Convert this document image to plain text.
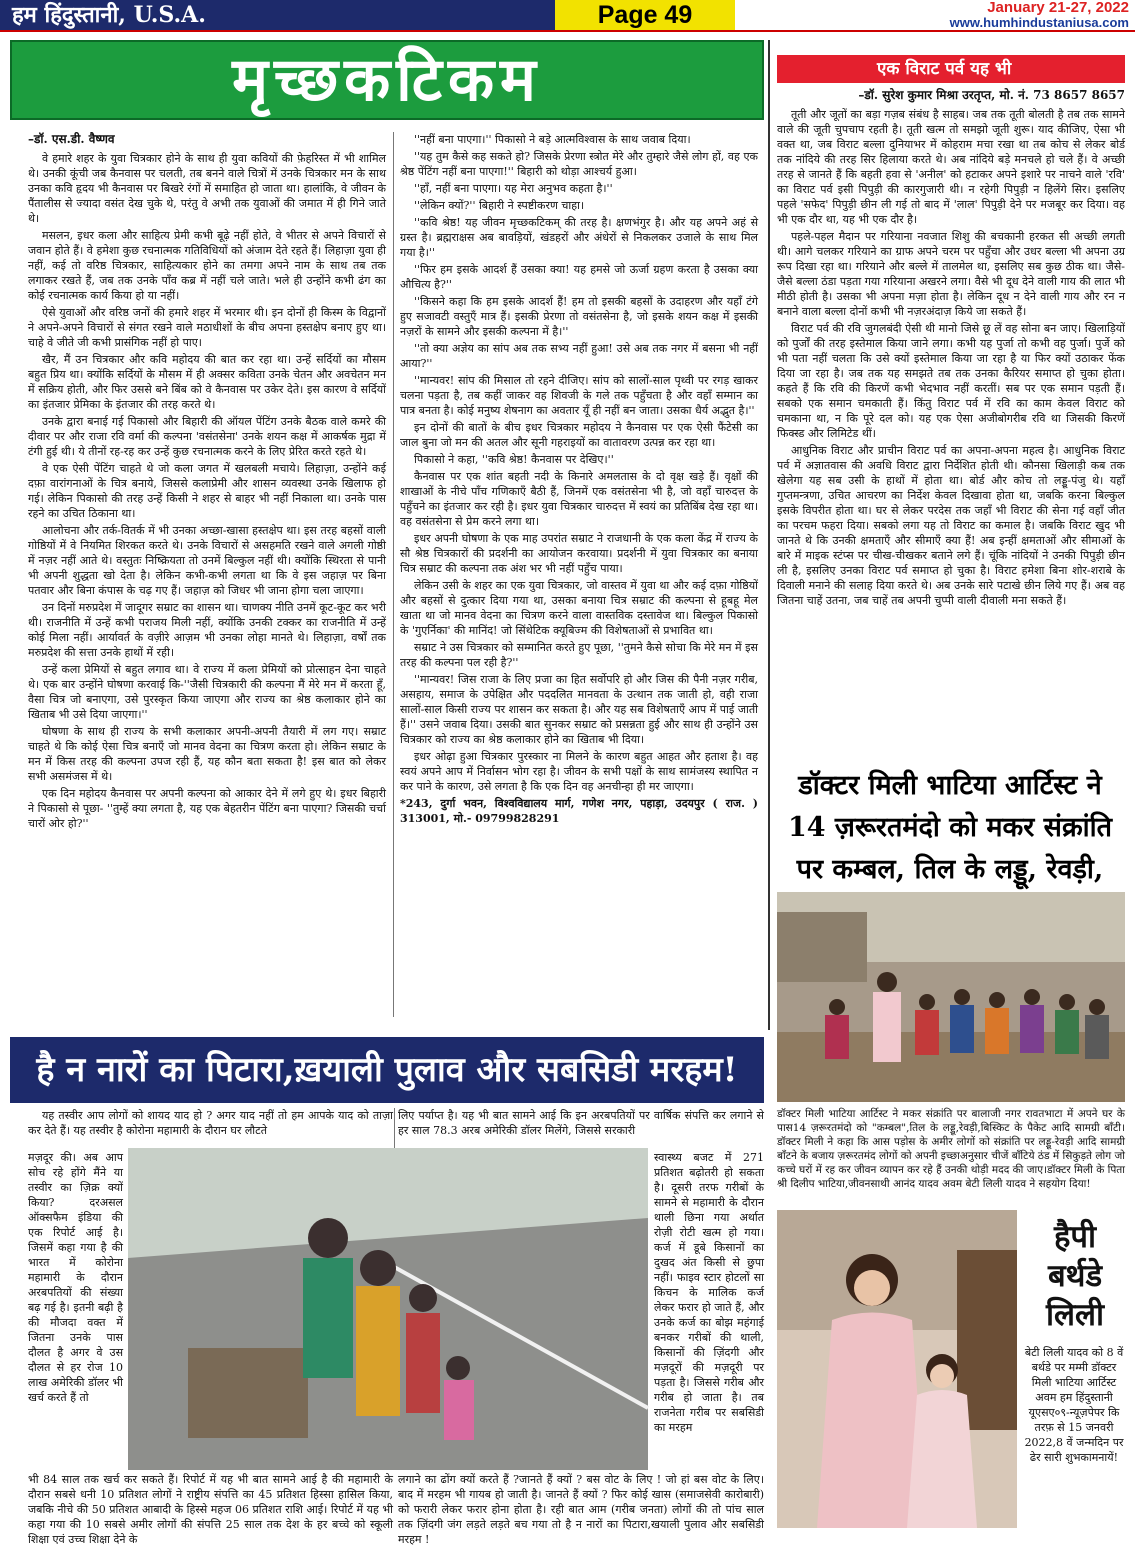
हम हिंदुस्तानी, U.S.A.	Page 49	January 21-27, 2022
www.humhindustaniusa.com
मृच्छकटिकम
–डॉ. एस.डी. वैष्णव

वे हमारे शहर के युवा चित्रकार होने के साथ ही युवा कवियों की फ़ेहरिस्त में भी शामिल थे। उनकी कूंची जब कैनवास पर चलती, तब बनने वाले चित्रों में उनके चित्रकार मन के साथ उनका कवि हृदय भी कैनवास पर बिखरे रंगों में समाहित हो जाता था। हालांकि, वे जीवन के पैंतालीस से ज्यादा वसंत देख चुके थे, परंतु वे अभी तक युवाओं की जमात में ही गिने जाते थे।

मसलन, इधर कला और साहित्य प्रेमी कभी बूढ़े नहीं होते, वे भीतर से अपने विचारों से जवान होते हैं। वे हमेशा कुछ रचनात्मक गतिविधियों को अंजाम देते रहते हैं। लिहाज़ा युवा ही नहीं, कई तो वरिष्ठ चित्रकार, साहित्यकार होने का तमगा अपने नाम के साथ तब तक लगाकर रखते हैं, जब तक उनके पाँव कब्र में नहीं चले जाते। भले ही उन्होंने कभी ढंग का कोई रचनात्मक कार्य किया हो या नहीं।

ऐसे युवाओं और वरिष्ठ जनों की हमारे शहर में भरमार थी। इन दोनों ही किस्म के विद्वानों ने अपने-अपने विचारों से संगत रखने वाले मठाधीशों के बीच अपना हस्तक्षेप बनाए हुए था। चाहे वे जीते जी कभी प्रासंगिक नहीं हो पाए।

खैर, मैं उन चित्रकार और कवि महोदय की बात कर रहा था। उन्हें सर्दियों का मौसम बहुत प्रिय था। क्योंकि सर्दियों के मौसम में ही अक्सर कविता उनके चेतन और अवचेतन मन में सक्रिय होती, और फिर उससे बने बिंब को वे कैनवास पर उकेर देते। इस कारण वे सर्दियों का इंतजार प्रेमिका के इंतजार की तरह करते थे।

उनके द्वारा बनाई गई पिकासो और बिहारी की ऑयल पेंटिंग उनके बैठक वाले कमरे की दीवार पर और राजा रवि वर्मा की कल्पना 'वसंतसेना' उनके शयन कक्ष में आकर्षक मुद्रा में टंगी हुई थी। ये तीनों रह-रह कर उन्हें कुछ रचनात्मक करने के लिए प्रेरित करते रहते थे।

वे एक ऐसी पेंटिंग चाहते थे जो कला जगत में खलबली मचाये। लिहाज़ा, उन्होंने कई दफ़ा वारांगनाओं के चित्र बनाये, जिससे कलाप्रेमी और शासन व्यवस्था उनके खिलाफ हो गई। लेकिन पिकासो की तरह उन्हें किसी ने शहर से बाहर भी नहीं निकाला था। उनके पास रहने का उचित ठिकाना था।

आलोचना और तर्क-वितर्क में भी उनका अच्छा-खासा हस्तक्षेप था। इस तरह बहसों वाली गोष्ठियों में वे नियमित शिरकत करते थे। उनके विचारों से असहमति रखने वाले अगली गोष्ठी में नज़र नहीं आते थे। वस्तुतः निष्क्रियता तो उनमें बिल्कुल नहीं थी। क्योंकि स्थिरता से पानी भी अपनी शुद्धता खो देता है। लेकिन कभी-कभी लगता था कि वे इस जहाज़ पर बिना पतवार और बिना कंपास के चढ़ गए हैं। जहाज़ को जिधर भी जाना होगा चला जाएगा।

उन दिनों मरुप्रदेश में जादूगर सम्राट का शासन था। चाणक्य नीति उनमें कूट-कूट कर भरी थी। राजनीति में उन्हें कभी पराजय मिली नहीं, क्योंकि उनकी टक्कर का राजनीति में उन्हें कोई मिला नहीं। आर्यावर्त के वज़ीरे आज़म भी उनका लोहा मानते थे। लिहाज़ा, वर्षों तक मरुप्रदेश की सत्ता उनके हाथों में रही।

उन्हें कला प्रेमियों से बहुत लगाव था। वे राज्य में कला प्रेमियों को प्रोत्साहन देना चाहते थे। एक बार उन्होंने घोषणा करवाई कि-''जैसी चित्रकारी की कल्पना मैं मेरे मन में करता हूँ, वैसा चित्र जो बनाएगा, उसे पुरस्कृत किया जाएगा और राज्य का श्रेष्ठ कलाकार होने का खिताब भी उसे दिया जाएगा।''

घोषणा के साथ ही राज्य के सभी कलाकार अपनी-अपनी तैयारी में लग गए। सम्राट चाहते थे कि कोई ऐसा चित्र बनाएँ जो मानव वेदना का चित्रण करता हो। लेकिन सम्राट के मन में किस तरह की कल्पना उपज रही हैं, यह कौन बता सकता है! इस बात को लेकर सभी असमंजस में थे।

एक दिन महोदय कैनवास पर अपनी कल्पना को आकार देने में लगे हुए थे। इधर बिहारी ने पिकासो से पूछा- ''तुम्हें क्या लगता है, यह एक बेहतरीन पेंटिंग बना पाएगा? जिसकी चर्चा चारों ओर हो?''

''नहीं बना पाएगा।'' पिकासो ने बड़े आत्मविश्वास के साथ जवाब दिया।

''यह तुम कैसे कह सकते हो? जिसके प्रेरणा स्त्रोत मेरे और तुम्हारे जैसे लोग हों, वह एक श्रेष्ठ पेंटिंग नहीं बना पाएगा!'' बिहारी को थोड़ा आश्चर्य हुआ।

''हाँ, नहीं बना पाएगा। यह मेरा अनुभव कहता है।''

''लेकिन क्यों?'' बिहारी ने स्पष्टीकरण चाहा।

''कवि श्रेष्ठ! यह जीवन मृच्छकटिकम् की तरह है। क्षणभंगुर है। और यह अपने अहं से ग्रस्त है। ब्रह्मराक्षस अब बावड़ियों, खंडहरों और अंधेरों से निकलकर उजाले के साथ मिल गया है।''

''फिर हम इसके आदर्श हैं उसका क्या! यह हमसे जो ऊर्जा ग्रहण करता है उसका क्या औचित्य है?''

''किसने कहा कि हम इसके आदर्श हैं! हम तो इसकी बहसों के उदाहरण और यहाँ टंगे हुए सजावटी वस्तुएँ मात्र हैं। इसकी प्रेरणा तो वसंतसेना है, जो इसके शयन कक्ष में इसकी नज़रों के सामने और इसकी कल्पना में है।''

''तो क्या अज्ञेय का सांप अब तक सभ्य नहीं हुआ! उसे अब तक नगर में बसना भी नहीं आया?''

''मान्यवर! सांप की मिसाल तो रहने दीजिए। सांप को सालों-साल पृथ्वी पर रगड़ खाकर चलना पड़ता है, तब कहीं जाकर वह शिवजी के गले तक पहुँचता है और वहाँ सम्मान का पात्र बनता है। कोई मनुष्य शेषनाग का अवतार यूँ ही नहीं बन जाता। उसका धैर्य अद्भुत है।''

इन दोनों की बातों के बीच इधर चित्रकार महोदय ने कैनवास पर एक ऐसी फैंटेसी का जाल बुना जो मन की अतल और सूनी गहराइयों का वातावरण उत्पन्न कर रहा था।

पिकासो ने कहा, ''कवि श्रेष्ठ! कैनवास पर देखिए।''

कैनवास पर एक शांत बहती नदी के किनारे अमलतास के दो वृक्ष खड़े हैं। वृक्षों की शाखाओं के नीचे पाँच गणिकाएँ बैठी हैं, जिनमें एक वसंतसेना भी है, जो वहाँ चारुदत्त के पहुँचने का इंतजार कर रही है। इधर युवा चित्रकार चारुदत्त में स्वयं का प्रतिबिंब देख रहा था। वह वसंतसेना से प्रेम करने लगा था।

इधर अपनी घोषणा के एक माह उपरांत सम्राट ने राजधानी के एक कला केंद्र में राज्य के सौ श्रेष्ठ चित्रकारों की प्रदर्शनी का आयोजन करवाया। प्रदर्शनी में युवा चित्रकार का बनाया चित्र सम्राट की कल्पना तक अंश भर भी नहीं पहुँच पाया।

लेकिन उसी के शहर का एक युवा चित्रकार, जो वास्तव में युवा था और कई दफ़ा गोष्ठियों और बहसों से दुत्कार दिया गया था, उसका बनाया चित्र सम्राट की कल्पना से हूबहू मेल खाता था जो मानव वेदना का चित्रण करने वाला वास्तविक दस्तावेज था। बिल्कुल पिकासो के 'गुएर्निका' की मानिंद! जो सिंथेटिक क्यूबिज्म की विशेषताओं से प्रभावित था।

सम्राट ने उस चित्रकार को सम्मानित करते हुए पूछा, ''तुमने कैसे सोचा कि मेरे मन में इस तरह की कल्पना पल रही है?''

''मान्यवर! जिस राजा के लिए प्रजा का हित सर्वोपरि हो और जिस की पैनी नज़र गरीब, असहाय, समाज के उपेक्षित और पददलित मानवता के उत्थान तक जाती हो, वही राजा सालों-साल किसी राज्य पर शासन कर सकता है। और यह सब विशेषताएँ आप में पाई जाती हैं।'' उसने जवाब दिया। उसकी बात सुनकर सम्राट को प्रसन्नता हुई और साथ ही उन्होंने उस चित्रकार को राज्य का श्रेष्ठ कलाकार होने का खिताब भी दिया।

इधर ओढ़ा हुआ चित्रकार पुरस्कार ना मिलने के कारण बहुत आहत और हताश है। वह स्वयं अपने आप में निर्वासन भोग रहा है। जीवन के सभी पक्षों के साथ सामंजस्य स्थापित न कर पाने के कारण, उसे लगता है कि एक दिन वह अनचीन्हा ही मर जाएगा।

*243, दुर्गा भवन, विश्वविद्यालय मार्ग, गणेश नगर, पहाड़ा, उदयपुर ( राज. ) 313001, मो.- 09799828291

एक विराट पर्व यह भी
–डॉ. सुरेश कुमार मिश्रा उरतृप्त, मो. नं. 73 8657 8657

तूती और जूतों का बड़ा गज़ब संबंध है साहब। जब तक तूती बोलती है तब तक सामने वाले की जूती चुपचाप रहती है। तूती खत्म तो समझो जूती शुरू। याद कीजिए, ऐसा भी वक्त था, जब विराट बल्ला दुनियाभर में कोहराम मचा रखा था तब कोच से लेकर बोर्ड तक नांदिये की तरह सिर हिलाया करते थे। अब नांदिये बड़े मनचले हो चले हैं। वे अच्छी तरह से जानते हैं कि बहती हवा से 'अनील' को हटाकर अपने इशारे पर नाचने वाले 'रवि' का विराट पर्व इसी पिपुड़ी की कारगुजारी थी। न रहेगी पिपुड़ी न हिलेंगे सिर। इसलिए पहले 'सफेद' पिपुड़ी छीन ली गई तो बाद में 'लाल' पिपुड़ी देने पर मजबूर कर दिया। वह भी एक दौर था, यह भी एक दौर है।

पहले-पहल मैदान पर गरियाना नवजात शिशु की बचकानी हरकत सी अच्छी लगती थी। आगे चलकर गरियाने का ग्राफ अपने चरम पर पहुँचा और उधर बल्ला भी अपना उग्र रूप दिखा रहा था। गरियाने और बल्ले में तालमेल था, इसलिए सब कुछ ठीक था। जैसे-जैसे बल्ला ठंडा पड़ता गया गरियाना अखरने लगा। वैसे भी दूध देने वाली गाय की लात भी मीठी होती है। उसका भी अपना मज़ा होता है। लेकिन दूध न देने वाली गाय और रन न बनाने वाला बल्ला दोनों कभी भी नज़रअंदाज़ किये जा सकते हैं।

विराट पर्व की रवि जुगलबंदी ऐसी थी मानो जिसे छू लें वह सोना बन जाए। खिलाड़ियों को पुर्जों की तरह इस्तेमाल किया जाने लगा। कभी यह पुर्जा तो कभी वह पुर्जा। पुर्जे को भी पता नहीं चलता कि उसे क्यों इस्तेमाल किया जा रहा है या फिर क्यों उठाकर फेंक दिया जा रहा है। जब तक यह समझते तब तक उनका कैरियर समाप्त हो चुका होता। कहते हैं कि रवि की किरणें कभी भेदभाव नहीं करतीं। सब पर एक समान पड़ती हैं। सबको एक समान चमकाती हैं। किंतु विराट पर्व में रवि का काम केवल विराट को चमकाना था, न कि पूरे दल को। यह एक ऐसा अजीबोगरीब रवि था जिसकी किरणें फिक्स्ड और लिमिटेड थीं।

आधुनिक विराट और प्राचीन विराट पर्व का अपना-अपना महत्व है। आधुनिक विराट पर्व में अज्ञातवास की अवधि विराट द्वारा निर्देशित होती थी। कौनसा खिलाड़ी कब तक खेलेगा यह सब उसी के हाथों में होता था। बोर्ड और कोच तो लड्डू-पंजु थे। यहाँ गुप्तमन्त्रणा, उचित आचरण का निर्देश केवल दिखावा होता था, जबकि करना बिल्कुल इसके विपरीत होता था। घर से लेकर परदेस तक जहाँ भी विराट की सेना गई वहाँ जीत का परचम फहरा दिया। सबको लगा यह तो विराट का कमाल है। जबकि विराट खुद भी जानते थे कि उनकी क्षमताएँ और सीमाएँ क्या हैं! अब इन्हीं क्षमताओं और सीमाओं के बारे में माइक स्टंप्स पर चीख-चीखकर बताने लगे हैं। चूंकि नांदियों ने उनकी पिपुड़ी छीन ली है, इसलिए उनका विराट पर्व समाप्त हो चुका है। विराट हमेशा बिना शोर-शराबे के दिवाली मनाने की सलाह दिया करते थे। अब उनके सारे पटाखे छीन लिये गए हैं। अब वह जितना चाहें उतना, जब चाहें तब अपनी चुप्पी वाली दीवाली मना सकते हैं।

डॉक्टर मिली भाटिया आर्टिस्ट ने 14 ज़रूरतमंदो को मकर संक्रांति पर कम्बल, तिल के लड्डू, रेवड़ी,
डॉक्टर मिली भाटिया आर्टिस्ट ने मकर संक्रांति पर बालाजी नगर रावतभाटा में अपने घर के पास14 ज़रूरतमंदो को "कम्बल",तिल के लड्डू,रेवड़ी,बिस्किट के पैकेट आदि सामग्री बाँटी।डॉक्टर मिली ने कहा कि आस पड़ोस के अमीर लोगों को संक्रांति पर लड्डू-रेवड़ी आदि सामग्री बाँटने के बजाय ज़रूरतमंद लोगों को अपनी इच्छाअनुसार चीजें बाँटिये ठंड में सिकुड़ते लोग जो कच्चे घरों में रह कर जीवन व्यापन कर रहे हैं उनकी थोड़ी मदद की जाए।डॉक्टर मिली के पिता श्री दिलीप भाटिया,जीवनसाथी आनंद यादव अवम बेटी लिली यादव ने सहयोग दिया!
हैपी
बर्थडे
लिली
बेटी लिली यादव को 8 वें बर्थडे पर मम्मी डॉक्टर मिली भाटिया आर्टिस्ट अवम हम हिंदुस्तानी यूएसए०९-न्यूज़पेपर कि तरफ़ से 15 जनवरी 2022,8 वें जन्मदिन पर ढेर सारी शुभकामनायें!
है न नारों का पिटारा,ख़याली पुलाव और सबसिडी मरहम!

यह तस्वीर आप लोगों को शायद याद हो ? अगर याद नहीं तो हम आपके याद को ताज़ा कर देते हैं। यह तस्वीर है कोरोना महामारी के दौरान घर लौटते

मज़दूर की। अब आप सोच रहे होंगे मैंने या तस्वीर का ज़िक्र क्यों किया? दरअसल ऑक्सफैम इंडिया की एक रिपोर्ट आई है। जिसमें कहा गया है की भारत में कोरोना महामारी के दौरान अरबपतियों की संख्या बढ़ गई है। इतनी बढ़ी है की मौजदा वक्त में जितना उनके पास दौलत है अगर वे उस दौलत से हर रोज 10 लाख अमेरिकी डॉलर भी खर्च करते हैं तो

भी 84 साल तक खर्च कर सकते हैं। रिपोर्ट में यह भी बात सामने आई है की महामारी के दौरान सबसे धनी 10 प्रतिशत लोगों ने राष्ट्रीय संपत्ति का 45 प्रतिशत हिस्सा हासिल किया, जबकि नीचे की 50 प्रतिशत आबादी के हिस्से महज 06 प्रतिशत राशि आई। रिपोर्ट में यह भी कहा गया की 10 सबसे अमीर लोगों की संपत्ति 25 साल तक देश के हर बच्चे को स्कूली शिक्षा एवं उच्च शिक्षा देने के

लिए पर्याप्त है। यह भी बात सामने आई कि इन अरबपतियों पर वार्षिक संपत्ति कर लगाने से हर साल 78.3 अरब अमेरिकी डॉलर मिलेंगे, जिससे सरकारी

स्वास्थ्य बजट में 271 प्रतिशत बढ़ोतरी हो सकता है। दूसरी तरफ गरीबों के सामने से महामारी के दौरान थाली छिना गया अर्थात रोज़ी रोटी खत्म हो गया। कर्ज में डूबे किसानों का दुखद अंत किसी से छुपा नहीं। फाइव स्टार होटलों सा किचन के मालिक कर्ज लेकर फरार हो जाते हैं, और उनके कर्ज का बोझ महंगाई बनकर गरीबों की थाली, किसानों की ज़िंदगी और मज़दूरों की मज़दूरी पर पड़ता है। जिससे गरीब और गरीब हो जाता है। तब राजनेता गरीब पर सबसिडी का मरहम

लगाने का ढोंग क्यों करते हैं ?जानते हैं क्यों ? बस वोट के लिए ! जो हां बस वोट के लिए। बाद में मरहम भी गायब हो जाती है। जानते हैं क्यों ? फिर कोई खास (समाजसेवी कारोबारी) को फरारी लेकर फरार होना होता है। रही बात आम (गरीब जनता) लोगों की तो पांच साल तक ज़िंदगी जंग लड़ते लड़ते बच गया तो है न नारों का पिटारा,खयाली पुलाव और सबसिडी मरहम !
